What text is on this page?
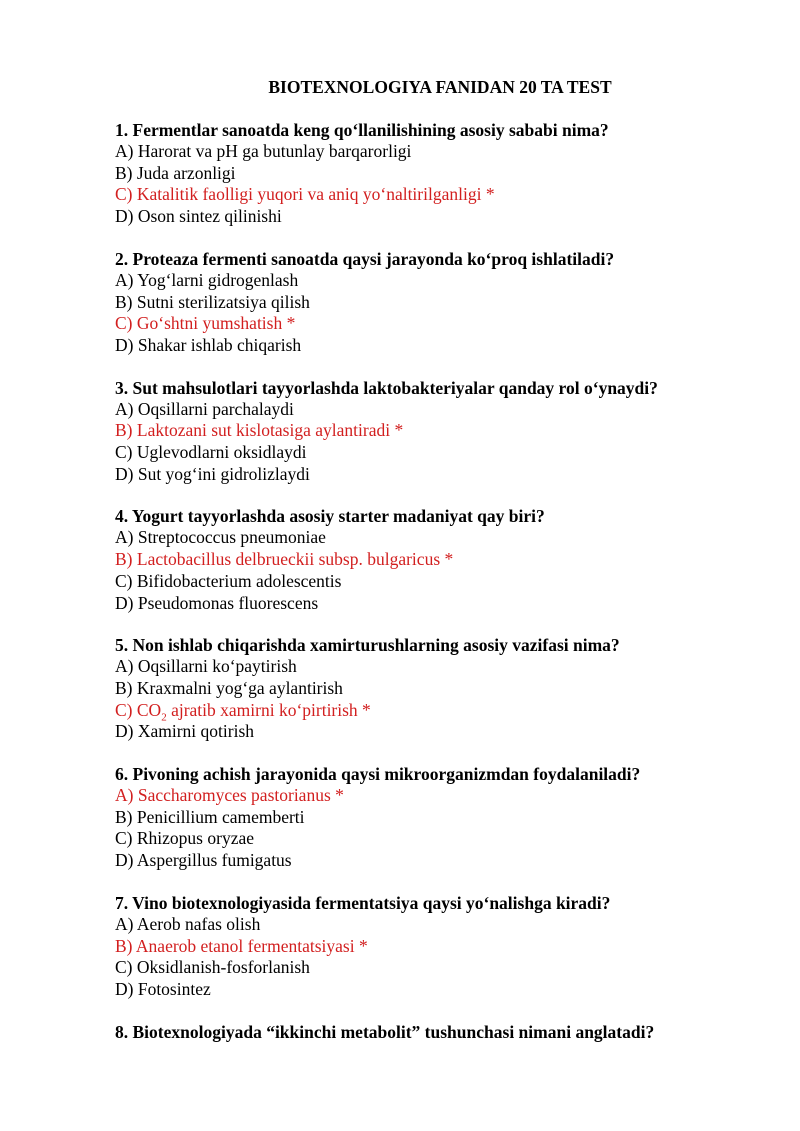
BIOTEXNOLOGIYA FANIDAN 20 TA TEST
1. Fermentlar sanoatda keng qo‘llanilishining asosiy sababi nima?
A) Harorat va pH ga butunlay barqarorligi
B) Juda arzonligi
C) Katalitik faolligi yuqori va aniq yo‘naltirilganligi *
D) Oson sintez qilinishi
2. Proteaza fermenti sanoatda qaysi jarayonda ko‘proq ishlatiladi?
A) Yog‘larni gidrogenlash
B) Sutni sterilizatsiya qilish
C) Go‘shtni yumshatish *
D) Shakar ishlab chiqarish
3. Sut mahsulotlari tayyorlashda laktobakteriyalar qanday rol o‘ynaydi?
A) Oqsillarni parchalaydi
B) Laktozani sut kislotasiga aylantiradi *
C) Uglevodlarni oksidlaydi
D) Sut yog‘ini gidrolizlaydi
4. Yogurt tayyorlashda asosiy starter madaniyat qay biri?
A) Streptococcus pneumoniae
B) Lactobacillus delbrueckii subsp. bulgaricus *
C) Bifidobacterium adolescentis
D) Pseudomonas fluorescens
5. Non ishlab chiqarishda xamirturushlarning asosiy vazifasi nima?
A) Oqsillarni ko‘paytirish
B) Kraxmalni yog‘ga aylantirish
C) $CO_2$ ajratib xamirni ko‘pirtirish *
D) Xamirni qotirish
6. Pivoning achish jarayonida qaysi mikroorganizmdan foydalaniladi?
A) Saccharomyces pastorianus *
B) Penicillium camemberti
C) Rhizopus oryzae
D) Aspergillus fumigatus
7. Vino biotexnologiyasida fermentatsiya qaysi yo‘nalishga kiradi?
A) Aerob nafas olish
B) Anaerob etanol fermentatsiyasi *
C) Oksidlanish-fosforlanish
D) Fotosintez
8. Biotexnologiyada “ikkinchi metabolit” tushunchasi nimani anglatadi?
